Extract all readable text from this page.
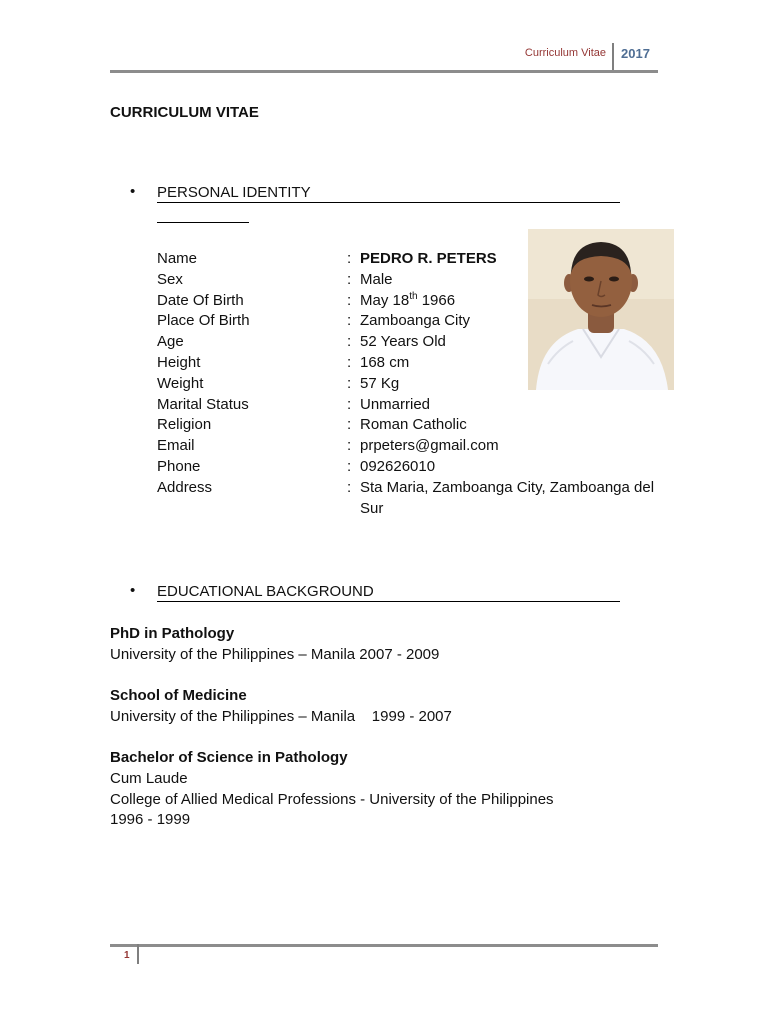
Curriculum Vitae 2017
CURRICULUM VITAE
• PERSONAL IDENTITY
Name	: PEDRO R. PETERS
Sex	: Male
Date Of Birth	: May 18th 1966
Place Of Birth	: Zamboanga City
Age	: 52 Years Old
Height	: 168 cm
Weight	: 57 Kg
Marital Status	: Unmarried
Religion	: Roman Catholic
Email	: prpeters@gmail.com
Phone	: 092626010
Address	: Sta Maria, Zamboanga City, Zamboanga del Sur
• EDUCATIONAL BACKGROUND
PhD in Pathology
University of the Philippines – Manila 2007 - 2009
School of Medicine
University of the Philippines – Manila    1999 - 2007
Bachelor of Science in Pathology
Cum Laude
College of Allied Medical Professions - University of the Philippines
1996 - 1999
1
